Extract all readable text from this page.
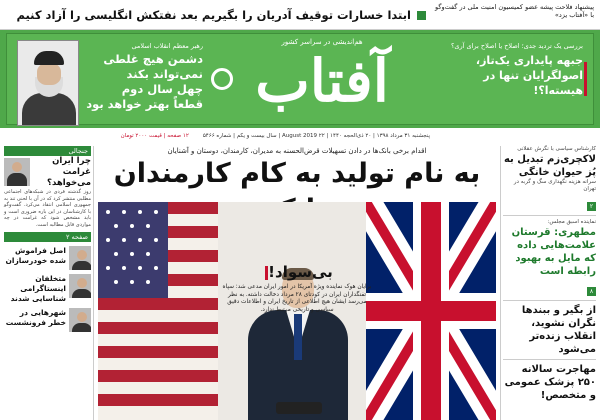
ابتدا خسارات توقیف آدریان را بگیریم بعد نفتکش انگلیسی را آزاد کنیم
پیشنهاد فلاحت پیشه عضو کمیسیون امنیت ملی در گفت‌وگو با «آفتاب یزد»
رهبر معظم انقلاب اسلامی
دشمن هیچ غلطی
نمی‌تواند بکند
چهل سال دوم
قطعاً بهتر خواهد بود
هم‌اندیشی در سراسر کشور
آفتاب
بررسی یک تردید جدی؛ اصلاح یا اصلاح برای آری؟
جبهه پایداری یک‌تاز،
اصولگرایان تنها در هیسته‌ا؟!
پنجشنبه ۳۱ مرداد ۱۳۹۸ | ۲۰ ذی‌الحجه ۱۴۴۰ | ۲۲ August 2019 | سال بیست و یکم | شماره ۵۴۶۶
۱۲ صفحه | قیمت ۲۰۰۰ تومان
جنجالی
چرا ایران غرامت می‌خواهد؟
روز گذشته فردی در شبکه‌های اجتماعی مطلبی منتشر کرد که در آن با لحنی تند به جمهوری اسلامی انتقاد می‌کرد. گفت‌وگو با کارشناسان در این باره ضروری است و باید مشخص شود که غرامت در چه مواردی قابل مطالبه است.
صفحه ۲
اصل فراموش شده خودرسازان
متخلفان اینستاگرامی شناسایی شدند
شهرهایی در خطر فرونشست
اقدام برخی بانک‌ها در دادن تسهیلات قرض‌الحسنه به مدیران، کارمندان، دوستان و آشنایان
به نام تولید به کام کارمندان
بی‌سواد!
برایان هوک نماینده ویژه آمریکا در امور ایران مدعی شد: سپاه تفنگداران ایران در کودتای ۲۸ مرداد دخالت داشته. به نظر می‌رسد ایشان هیچ اطلاعی از تاریخ ایران و اطلاعات دقیق سیاسی و تاریخی مرتبط ندارد.
کارشناس سیاسی با نگرش عقلانی
لاکچری‌زم تبدیل به پُز حیوان خانگی
سرانه هزینه نگهداری سگ و گربه در تهران
۲
نماینده اسبق مجلس:
مطهری: قرستان علامت‌هایی داده که مایل به بهبود رابطه است
۸
از بگیر و ببندها نگران نشوید، انقلاب زنده‌تر می‌شود
مهاجرت سالانه ۲۵۰ پزشک عمومی و متخصص!
